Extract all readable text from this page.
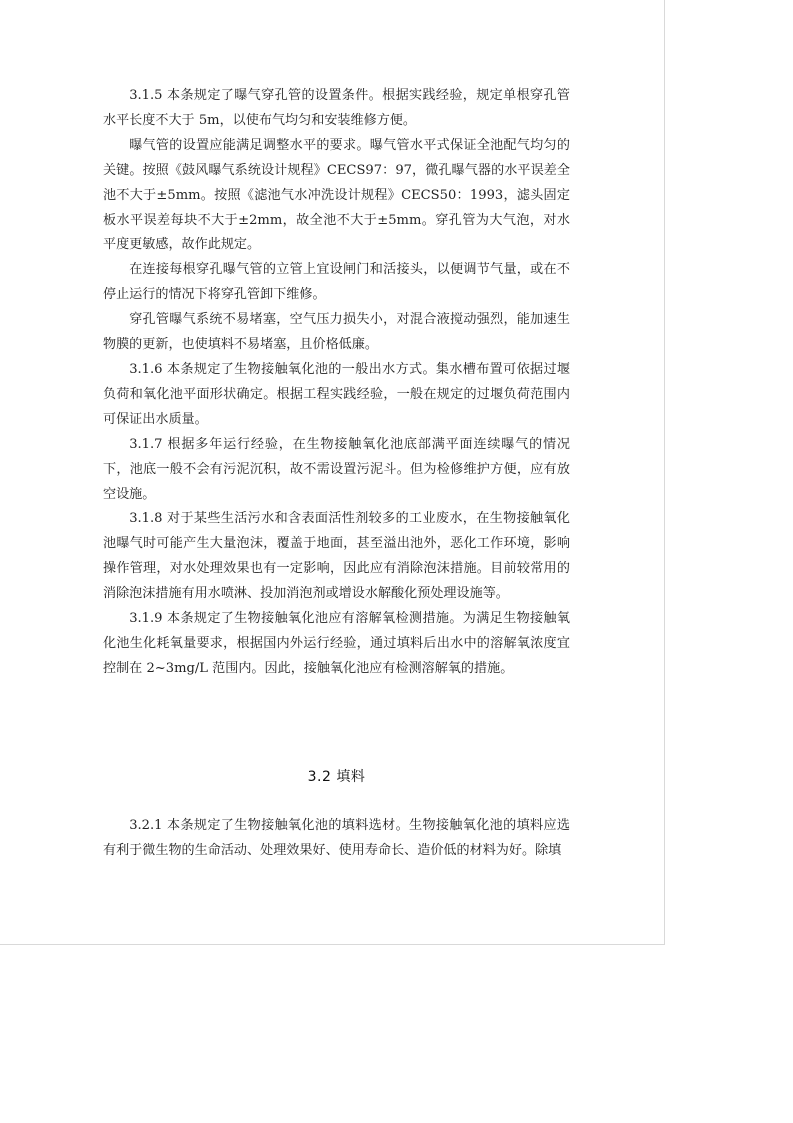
3.1.5 本条规定了曝气穿孔管的设置条件。根据实践经验，规定单根穿孔管水平长度不大于 5m，以使布气均匀和安装维修方便。

曝气管的设置应能满足调整水平的要求。曝气管水平式保证全池配气均匀的关键。按照《鼓风曝气系统设计规程》CECS97：97，微孔曝气器的水平误差全池不大于±5mm。按照《滤池气水冲洗设计规程》CECS50：1993，滤头固定板水平误差每块不大于±2mm，故全池不大于±5mm。穿孔管为大气泡，对水平度更敏感，故作此规定。

在连接每根穿孔曝气管的立管上宜设闸门和活接头，以便调节气量，或在不停止运行的情况下将穿孔管卸下维修。

穿孔管曝气系统不易堵塞，空气压力损失小，对混合液搅动强烈，能加速生物膜的更新，也使填料不易堵塞，且价格低廉。

3.1.6 本条规定了生物接触氧化池的一般出水方式。集水槽布置可依据过堰负荷和氧化池平面形状确定。根据工程实践经验，一般在规定的过堰负荷范围内可保证出水质量。

3.1.7 根据多年运行经验，在生物接触氧化池底部满平面连续曝气的情况下，池底一般不会有污泥沉积，故不需设置污泥斗。但为检修维护方便，应有放空设施。

3.1.8 对于某些生活污水和含表面活性剂较多的工业废水，在生物接触氧化池曝气时可能产生大量泡沫，覆盖于地面，甚至溢出池外，恶化工作环境，影响操作管理，对水处理效果也有一定影响，因此应有消除泡沫措施。目前较常用的消除泡沫措施有用水喷淋、投加消泡剂或增设水解酸化预处理设施等。

3.1.9 本条规定了生物接触氧化池应有溶解氧检测措施。为满足生物接触氧化池生化耗氧量要求，根据国内外运行经验，通过填料后出水中的溶解氧浓度宜控制在 2~3mg/L 范围内。因此，接触氧化池应有检测溶解氧的措施。

3.2 填料

3.2.1 本条规定了生物接触氧化池的填料选材。生物接触氧化池的填料应选有利于微生物的生命活动、处理效果好、使用寿命长、造价低的材料为好。除填
